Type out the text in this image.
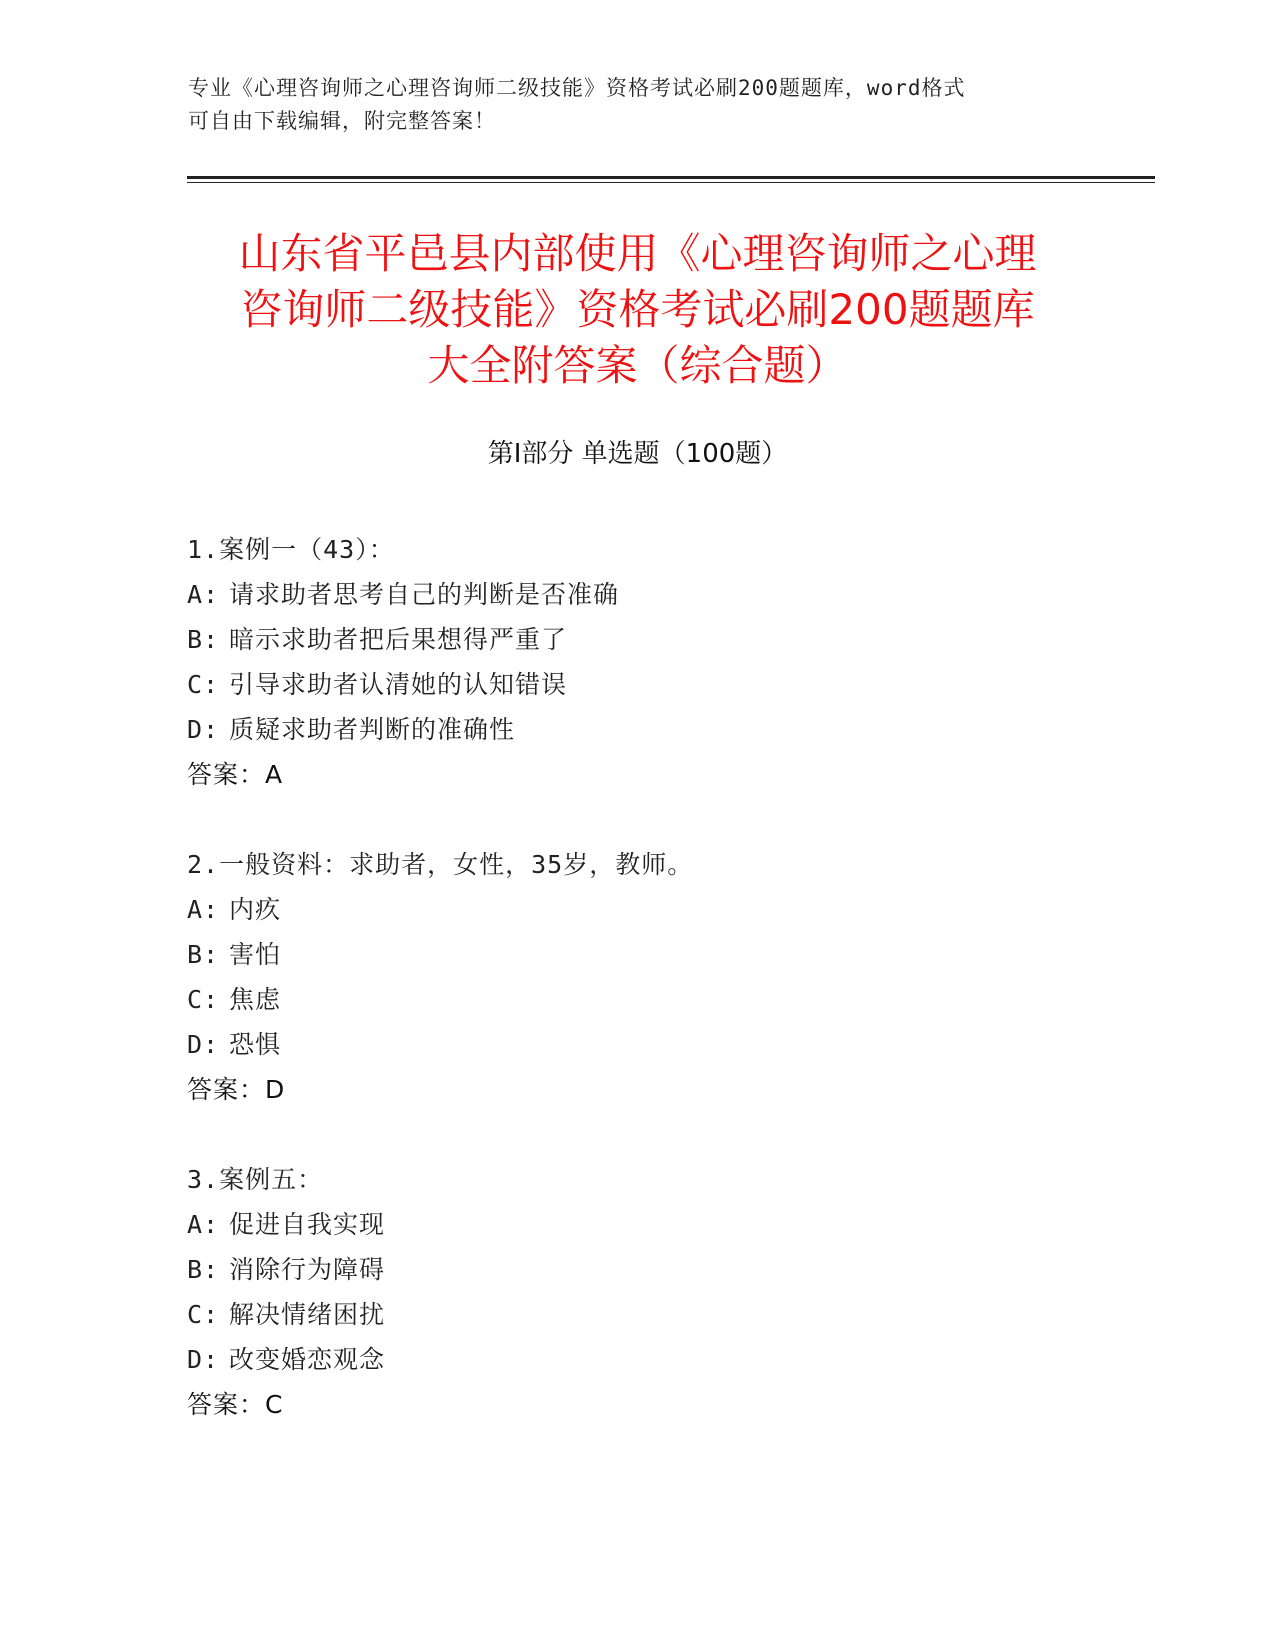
专业《心理咨询师之心理咨询师二级技能》资格考试必刷200题题库，word格式
可自由下载编辑，附完整答案！
山东省平邑县内部使用《心理咨询师之心理
咨询师二级技能》资格考试必刷200题题库
大全附答案（综合题）
第Ⅰ部分 单选题（100题）
1.案例一（43）：
A: 请求助者思考自己的判断是否准确
B: 暗示求助者把后果想得严重了
C: 引导求助者认清她的认知错误
D: 质疑求助者判断的准确性
答案：A
2.一般资料：求助者，女性，35岁，教师。
A: 内疚
B: 害怕
C: 焦虑
D: 恐惧
答案：D
3.案例五：
A: 促进自我实现
B: 消除行为障碍
C: 解决情绪困扰
D: 改变婚恋观念
答案：C
